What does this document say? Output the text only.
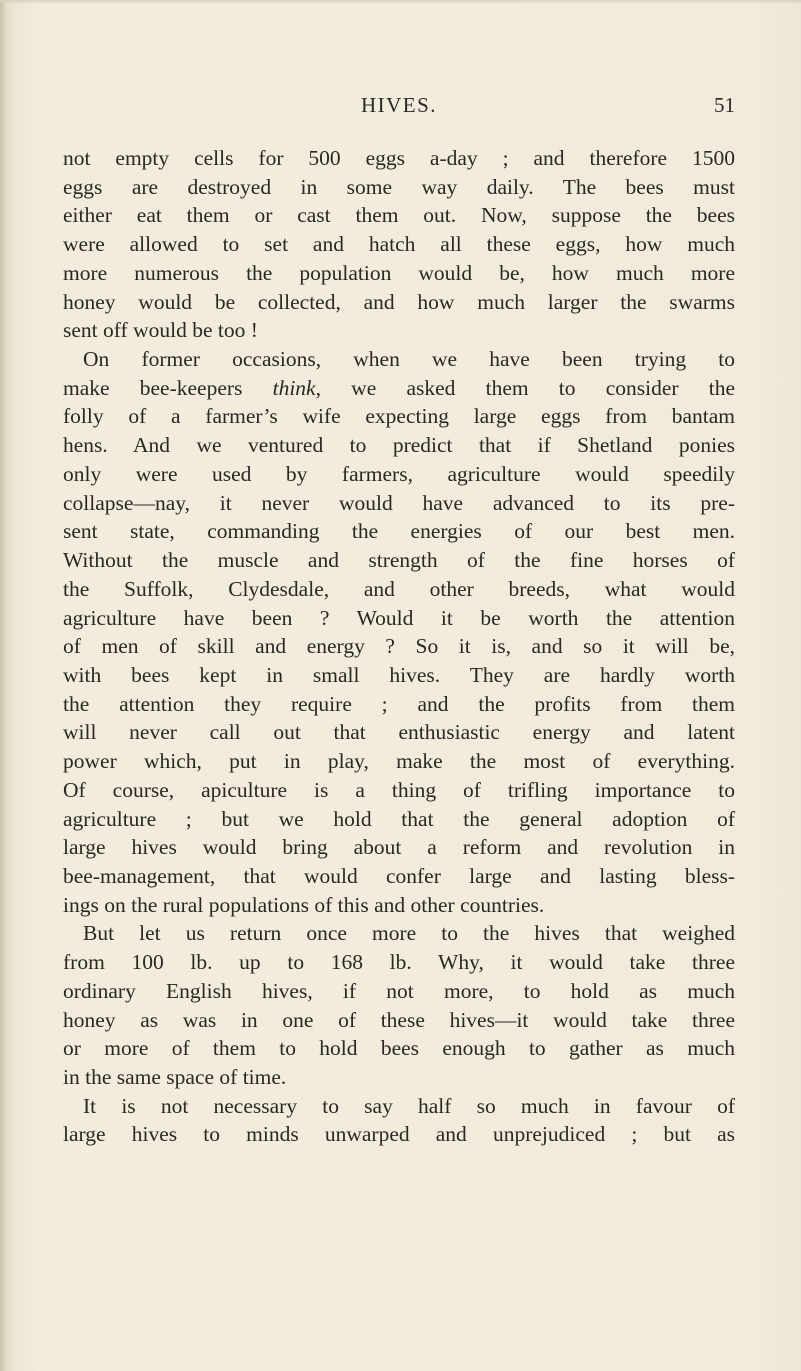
HIVES.	51
not empty cells for 500 eggs a-day ; and therefore 1500
eggs are destroyed in some way daily. The bees must
either eat them or cast them out. Now, suppose the bees
were allowed to set and hatch all these eggs, how much
more numerous the population would be, how much more
honey would be collected, and how much larger the swarms
sent off would be too !
On former occasions, when we have been trying to
make bee-keepers think, we asked them to consider the
folly of a farmer’s wife expecting large eggs from bantam
hens. And we ventured to predict that if Shetland ponies
only were used by farmers, agriculture would speedily
collapse—nay, it never would have advanced to its pre-
sent state, commanding the energies of our best men.
Without the muscle and strength of the fine horses of
the Suffolk, Clydesdale, and other breeds, what would
agriculture have been ? Would it be worth the attention
of men of skill and energy ? So it is, and so it will be,
with bees kept in small hives. They are hardly worth
the attention they require ; and the profits from them
will never call out that enthusiastic energy and latent
power which, put in play, make the most of everything.
Of course, apiculture is a thing of trifling importance to
agriculture ; but we hold that the general adoption of
large hives would bring about a reform and revolution in
bee-management, that would confer large and lasting bless-
ings on the rural populations of this and other countries.
But let us return once more to the hives that weighed
from 100 lb. up to 168 lb. Why, it would take three
ordinary English hives, if not more, to hold as much
honey as was in one of these hives—it would take three
or more of them to hold bees enough to gather as much
in the same space of time.
It is not necessary to say half so much in favour of
large hives to minds unwarped and unprejudiced ; but as
